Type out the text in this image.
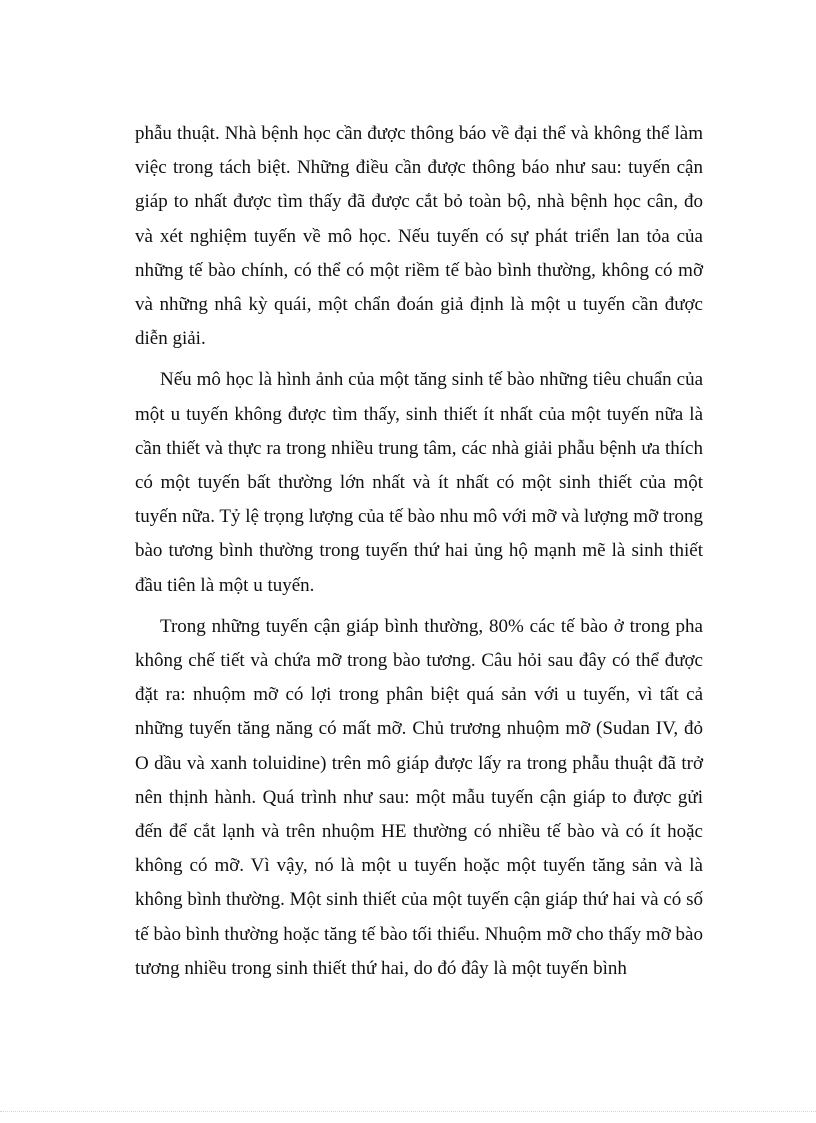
phẫu thuật. Nhà bệnh học cần được thông báo về đại thể và không thể làm việc trong tách biệt. Những điều cần được thông báo như sau: tuyến cận giáp to nhất được tìm thấy đã được cắt bỏ toàn bộ, nhà bệnh học cân, đo và xét nghiệm tuyến về mô học. Nếu tuyến có sự phát triển lan tỏa của những tế bào chính, có thể có một riềm tế bào bình thường, không có mỡ và những nhâ kỳ quái, một chẩn đoán giả định là một u tuyến cần được diễn giải.

Nếu mô học là hình ảnh của một tăng sinh tế bào những tiêu chuẩn của một u tuyến không được tìm thấy, sinh thiết ít nhất của một tuyến nữa là cần thiết và thực ra trong nhiều trung tâm, các nhà giải phẫu bệnh ưa thích có một tuyến bất thường lớn nhất và ít nhất có một sinh thiết của một tuyến nữa. Tỷ lệ trọng lượng của tế bào nhu mô với mỡ và lượng mỡ trong bào tương bình thường trong tuyến thứ hai ủng hộ mạnh mẽ là sinh thiết đầu tiên là một u tuyến.

Trong những tuyến cận giáp bình thường, 80% các tế bào ở trong pha không chế tiết và chứa mỡ trong bào tương. Câu hỏi sau đây có thể được đặt ra: nhuộm mỡ có lợi trong phân biệt quá sản với u tuyến, vì tất cả những tuyến tăng năng có mất mỡ. Chủ trương nhuộm mỡ (Sudan IV, đỏ O dầu và xanh toluidine) trên mô giáp được lấy ra trong phẫu thuật đã trở nên thịnh hành. Quá trình như sau: một mẫu tuyến cận giáp to được gửi đến để cắt lạnh và trên nhuộm HE thường có nhiều tế bào và có ít hoặc không có mỡ. Vì vậy, nó là một u tuyến hoặc một tuyến tăng sản và là không bình thường. Một sinh thiết của một tuyến cận giáp thứ hai và có số tế bào bình thường hoặc tăng tế bào tối thiểu. Nhuộm mỡ cho thấy mỡ bào tương nhiều trong sinh thiết thứ hai, do đó đây là một tuyến bình
